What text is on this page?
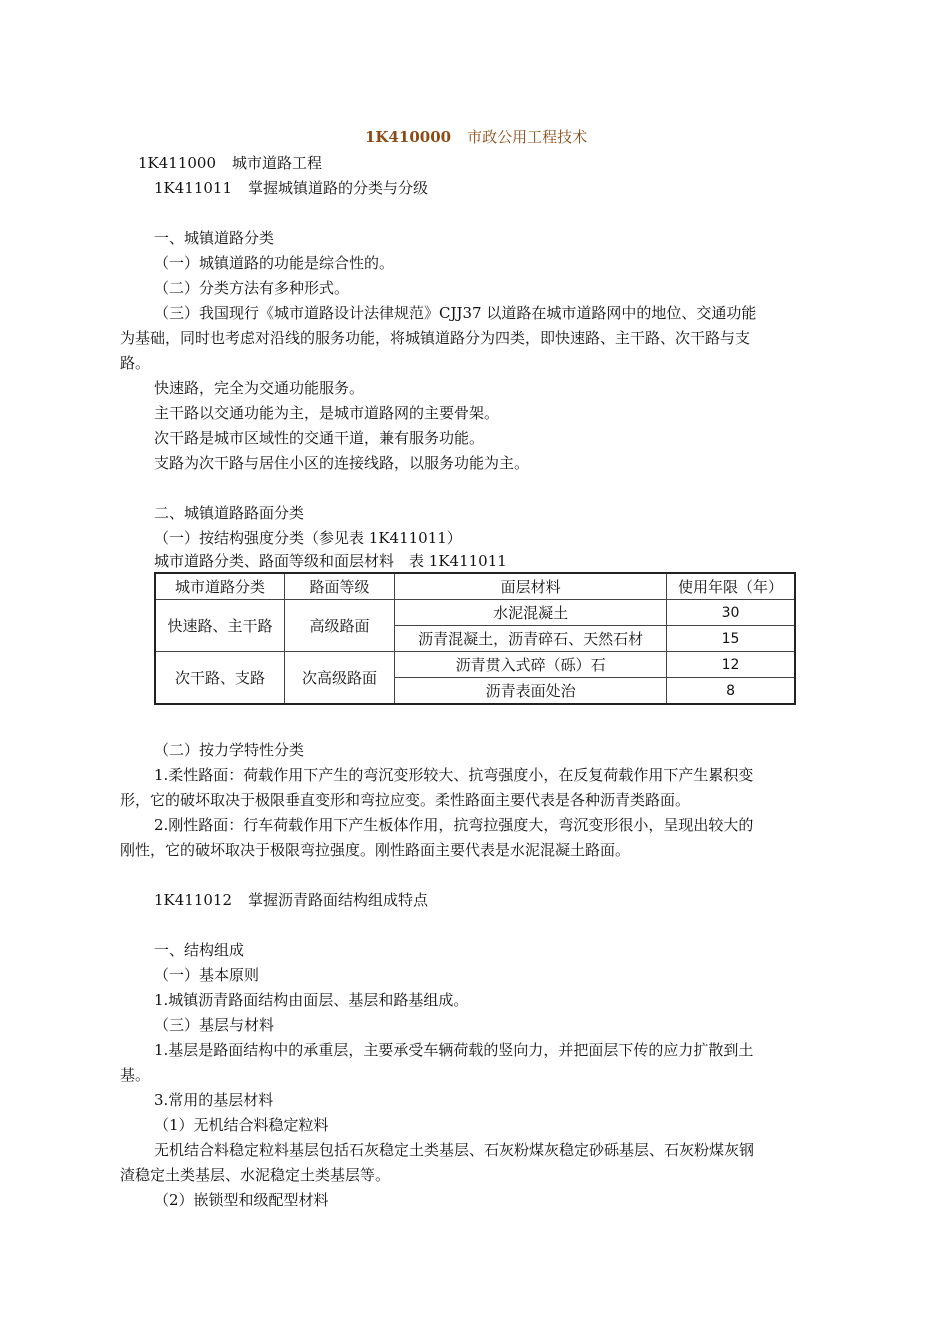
1K410000 市政公用工程技术
1K411000 城市道路工程
1K411011 掌握城镇道路的分类与分级
一、城镇道路分类
（一）城镇道路的功能是综合性的。
（二）分类方法有多种形式。
（三）我国现行《城市道路设计法律规范》CJJ37 以道路在城市道路网中的地位、交通功能
为基础，同时也考虑对沿线的服务功能，将城镇道路分为四类，即快速路、主干路、次干路与支
路。
快速路，完全为交通功能服务。
主干路以交通功能为主，是城市道路网的主要骨架。
次干路是城市区域性的交通干道，兼有服务功能。
支路为次干路与居住小区的连接线路，以服务功能为主。
二、城镇道路路面分类
（一）按结构强度分类（参见表 1K411011）
城市道路分类、路面等级和面层材料　表 1K411011
城市道路分类	路面等级	面层材料	使用年限（年）
快速路、主干路	高级路面	水泥混凝土	30
		沥青混凝土，沥青碎石、天然石材	15
次干路、支路	次高级路面	沥青贯入式碎（砾）石	12
		沥青表面处治	8
（二）按力学特性分类
1.柔性路面：荷载作用下产生的弯沉变形较大、抗弯强度小，在反复荷载作用下产生累积变
形，它的破坏取决于极限垂直变形和弯拉应变。柔性路面主要代表是各种沥青类路面。
2.刚性路面：行车荷载作用下产生板体作用，抗弯拉强度大，弯沉变形很小，呈现出较大的
刚性，它的破坏取决于极限弯拉强度。刚性路面主要代表是水泥混凝土路面。
1K411012 掌握沥青路面结构组成特点
一、结构组成
（一）基本原则
1.城镇沥青路面结构由面层、基层和路基组成。
（三）基层与材料
1.基层是路面结构中的承重层，主要承受车辆荷载的竖向力，并把面层下传的应力扩散到土
基。
3.常用的基层材料
（1）无机结合料稳定粒料
无机结合料稳定粒料基层包括石灰稳定土类基层、石灰粉煤灰稳定砂砾基层、石灰粉煤灰钢
渣稳定土类基层、水泥稳定土类基层等。
（2）嵌锁型和级配型材料
